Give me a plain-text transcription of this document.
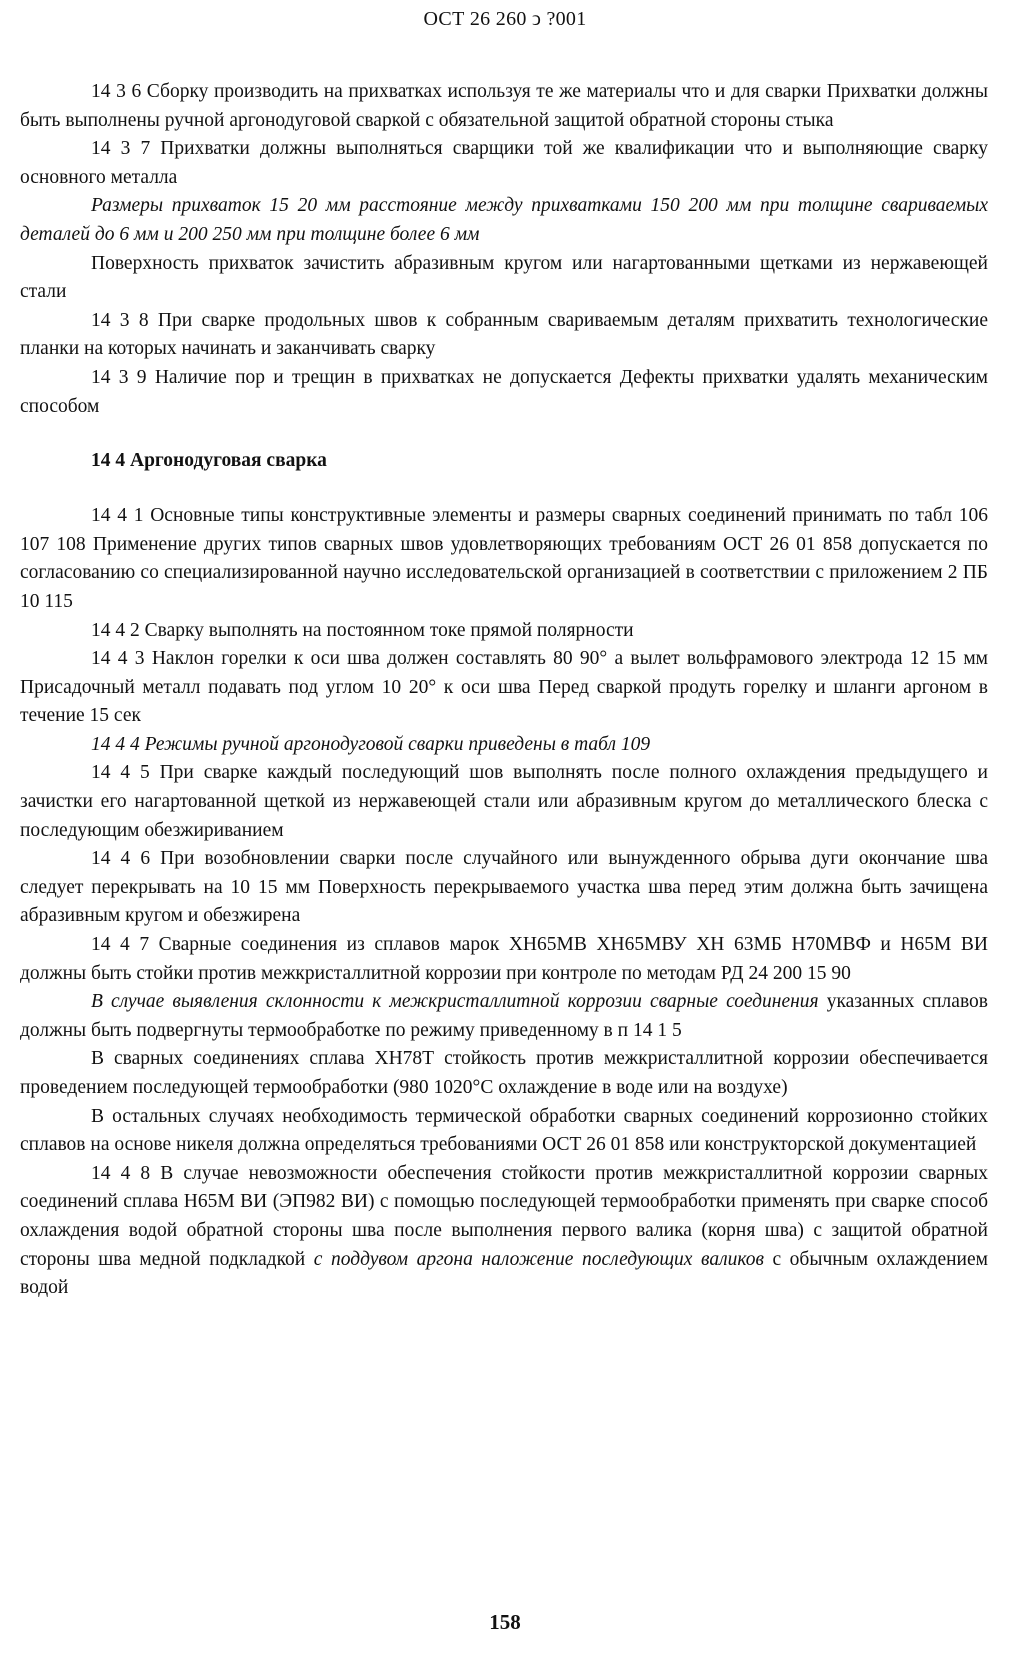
ОСТ 26 260 ͻ ?001

14 3 6 Сборку производить на прихватках используя те же материалы что и для сварки Прихватки должны быть выполнены ручной аргонодуговой сваркой с обязательной защитой обратной стороны стыка

14 3 7 Прихватки должны выполняться сварщики той же квалификации что и выполняющие сварку основного металла

Размеры прихваток 15 20 мм расстояние между прихватками 150 200 мм при толщине свариваемых деталей до 6 мм и 200 250 мм при толщине более 6 мм

Поверхность прихваток зачистить абразивным кругом или нагартованными щетками из нержавеющей стали

14 3 8 При сварке продольных швов к собранным свариваемым деталям прихватить технологические планки на которых начинать и заканчивать сварку

14 3 9 Наличие пор и трещин в прихватках не допускается Дефекты прихватки удалять механическим способом

14 4 Аргонодуговая сварка

14 4 1 Основные типы конструктивные элементы и размеры сварных соединений принимать по табл 106 107 108 Применение других типов сварных швов удовлетворяющих требованиям ОСТ 26 01 858 допускается по согласованию со специализированной научно исследовательской организацией в соответствии с приложением 2 ПБ 10 115

14 4 2 Сварку выполнять на постоянном токе прямой полярности

14 4 3 Наклон горелки к оси шва должен составлять 80 90° а вылет вольфрамового электрода 12 15 мм Присадочный металл подавать под углом 10 20° к оси шва Перед сваркой продуть горелку и шланги аргоном в течение 15 сек

14 4 4 Режимы ручной аргонодуговой сварки приведены в табл 109

14 4 5 При сварке каждый последующий шов выполнять после полного охлаждения предыдущего и зачистки его нагартованной щеткой из нержавеющей стали или абразивным кругом до металлического блеска с последующим обезжириванием

14 4 6 При возобновлении сварки после случайного или вынужденного обрыва дуги окончание шва следует перекрывать на 10 15 мм Поверхность перекрываемого участка шва перед этим должна быть зачищена абразивным кругом и обезжирена

14 4 7 Сварные соединения из сплавов марок ХН65МВ ХН65МВУ ХН 63МБ Н70МВФ и Н65М ВИ должны быть стойки против межкристаллитной коррозии при контроле по методам РД 24 200 15 90

В случае выявления склонности к межкристаллитной коррозии сварные соединения указанных сплавов должны быть подвергнуты термообработке по режиму приведенному в п 14 1 5

В сварных соединениях сплава ХН78Т стойкость против межкристаллитной коррозии обеспечивается проведением последующей термообработки (980 1020°С охлаждение в воде или на воздухе)

В остальных случаях необходимость термической обработки сварных соединений коррозионно стойких сплавов на основе никеля должна определяться требованиями ОСТ 26 01 858 или конструкторской документацией

14 4 8 В случае невозможности обеспечения стойкости против межкристаллитной коррозии сварных соединений сплава Н65М ВИ (ЭП982 ВИ) с помощью последующей термообработки применять при сварке способ охлаждения водой обратной стороны шва после выполнения первого валика (корня шва) с защитой обратной стороны шва медной подкладкой с поддувом аргона наложение последующих валиков с обычным охлаждением водой

158
